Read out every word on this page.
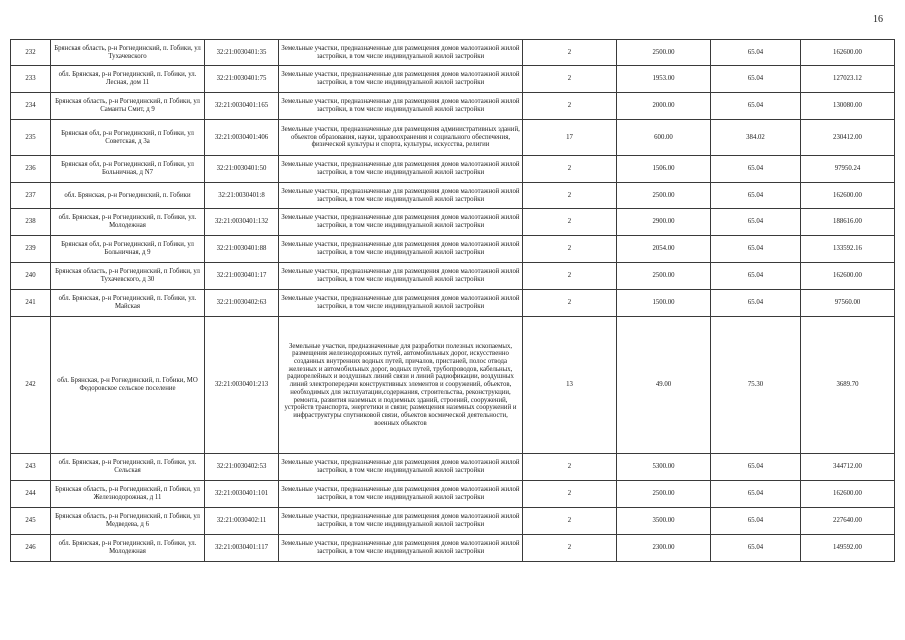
16
232	Брянская область, р-н Рогнединский, п. Гобики, ул Тухачевского	32:21:0030401:35	Земельные участки, предназначенные для размещения домов малоэтажной жилой застройки, в том числе индивидуальной жилой застройки	2	2500.00	65.04	162600.00
233	обл. Брянская, р-н Рогнединский, п. Гобики, ул. Лесная, дом 11	32:21:0030401:75	Земельные участки, предназначенные для размещения домов малоэтажной жилой застройки, в том числе индивидуальной жилой застройки	2	1953.00	65.04	127023.12
234	Брянская область, р-н Рогнединский, п Гобики, ул Саманты Смит, д 9	32:21:0030401:165	Земельные участки, предназначенные для размещения домов малоэтажной жилой застройки, в том числе индивидуальной жилой застройки	2	2000.00	65.04	130080.00
235	Брянская обл, р-н Рогнединский, п Гобики, ул Советская, д 3а	32:21:0030401:406	Земельные участки, предназначенные для размещения административных зданий, объектов образования, науки, здравоохранения и социального обеспечения, физической культуры и спорта, культуры, искусства, религии	17	600.00	384.02	230412.00
236	Брянская обл, р-н Рогнединский, п Гобики, ул Больничная, д N7	32:21:0030401:50	Земельные участки, предназначенные для размещения домов малоэтажной жилой застройки, в том числе индивидуальной жилой застройки	2	1506.00	65.04	97950.24
237	обл. Брянская, р-н Рогнединский, п. Гобики	32:21:0030401:8	Земельные участки, предназначенные для размещения домов малоэтажной жилой застройки, в том числе индивидуальной жилой застройки	2	2500.00	65.04	162600.00
238	обл. Брянская, р-н Рогнединский, п. Гобики, ул. Молодежная	32:21:0030401:132	Земельные участки, предназначенные для размещения домов малоэтажной жилой застройки, в том числе индивидуальной жилой застройки	2	2900.00	65.04	188616.00
239	Брянская обл, р-н Рогнединский, п Гобики, ул Больничная, д 9	32:21:0030401:88	Земельные участки, предназначенные для размещения домов малоэтажной жилой застройки, в том числе индивидуальной жилой застройки	2	2054.00	65.04	133592.16
240	Брянская область, р-н Рогнединский, п Гобики, ул Тухачевского, д 30	32:21:0030401:17	Земельные участки, предназначенные для размещения домов малоэтажной жилой застройки, в том числе индивидуальной жилой застройки	2	2500.00	65.04	162600.00
241	обл. Брянская, р-н Рогнединский, п. Гобики, ул. Майская	32:21:0030402:63	Земельные участки, предназначенные для размещения домов малоэтажной жилой застройки, в том числе индивидуальной жилой застройки	2	1500.00	65.04	97560.00
242	обл. Брянская, р-н Рогнединский, п. Гобики, МО Федоровское сельское поселение	32:21:0030401:213	Земельные участки, предназначенные для разработки полезных ископаемых, размещения железнодорожных путей, автомобильных дорог, искусственно созданных внутренних водных путей, причалов, пристаней, полос отвода железных и автомобильных дорог, водных путей, трубопроводов, кабельных, радиорелейных и воздушных линий связи и линий радиофикации, воздушных линий электропередачи конструктивных элементов и сооружений, объектов, необходимых для эксплуатации,содержания, строительства, реконструкции, ремонта, развития наземных и подземных зданий, строений, сооружений, устройств транспорта, энергетики и связи; размещения наземных сооружений и инфраструктуры спутниковой связи, объектов космической деятельности, военных объектов	13	49.00	75.30	3689.70
243	обл. Брянская, р-н Рогнединский, п. Гобики, ул. Сельская	32:21:0030402:53	Земельные участки, предназначенные для размещения домов малоэтажной жилой застройки, в том числе индивидуальной жилой застройки	2	5300.00	65.04	344712.00
244	Брянская область, р-н Рогнединский, п Гобики, ул Железнодорожная, д 11	32:21:0030401:101	Земельные участки, предназначенные для размещения домов малоэтажной жилой застройки, в том числе индивидуальной жилой застройки	2	2500.00	65.04	162600.00
245	Брянская область, р-н Рогнединский, п Гобики, ул Медведева, д 6	32:21:0030402:11	Земельные участки, предназначенные для размещения домов малоэтажной жилой застройки, в том числе индивидуальной жилой застройки	2	3500.00	65.04	227640.00
246	обл. Брянская, р-н Рогнединский, п. Гобики, ул. Молодежная	32:21:0030401:117	Земельные участки, предназначенные для размещения домов малоэтажной жилой застройки, в том числе индивидуальной жилой застройки	2	2300.00	65.04	149592.00
